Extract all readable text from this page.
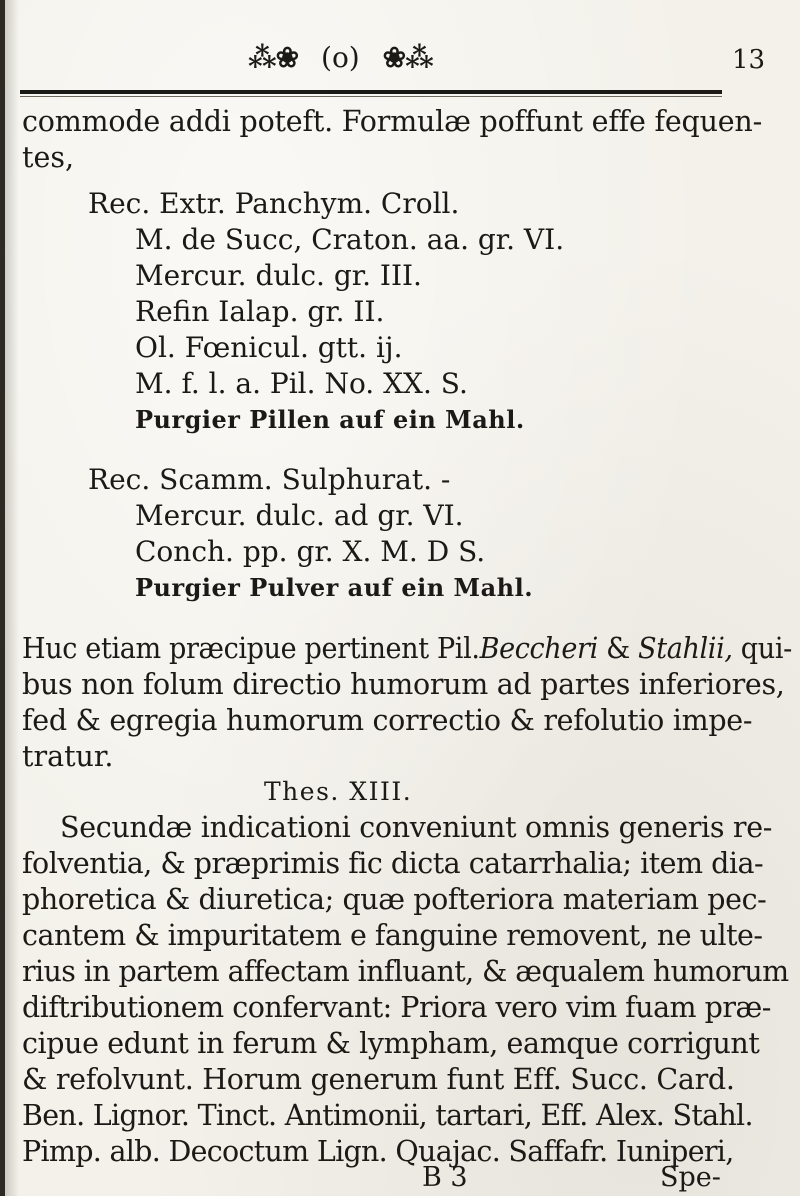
⁂❀ (o) ❀⁂	13
commode addi poteft. Formulæ poffunt effe fequen-
tes,
Rec. Extr. Panchym. Croll.
M. de Succ, Craton. aa. gr. VI.
Mercur. dulc. gr. III.
Refin Ialap. gr. II.
Ol. Fœnicul. gtt. ij.
M. f. l. a. Pil. No. XX. S.
Purgier Pillen auf ein Mahl.
Rec. Scamm. Sulphurat. -
Mercur. dulc. ad gr. VI.
Conch. pp. gr. X. M. D S.
Purgier Pulver auf ein Mahl.
Huc etiam præcipue pertinent Pil.Beccheri & Stahlii, qui-
bus non folum directio humorum ad partes inferiores,
fed & egregia humorum correctio & refolutio impe-
tratur.
Thes. XIII.
Secundæ indicationi conveniunt omnis generis re-
folventia, & præprimis fic dicta catarrhalia; item dia-
phoretica & diuretica; quæ pofteriora materiam pec-
cantem & impuritatem e fanguine removent, ne ulte-
rius in partem affectam influant, & æqualem humorum
diftributionem confervant: Priora vero vim fuam præ-
cipue edunt in ferum & lympham, eamque corrigunt
& refolvunt. Horum generum funt Eff. Succ. Card.
Ben. Lignor. Tinct. Antimonii, tartari, Eff. Alex. Stahl.
Pimp. alb. Decoctum Lign. Quajac. Saffafr. Iuniperi,
B 3	Spe-
